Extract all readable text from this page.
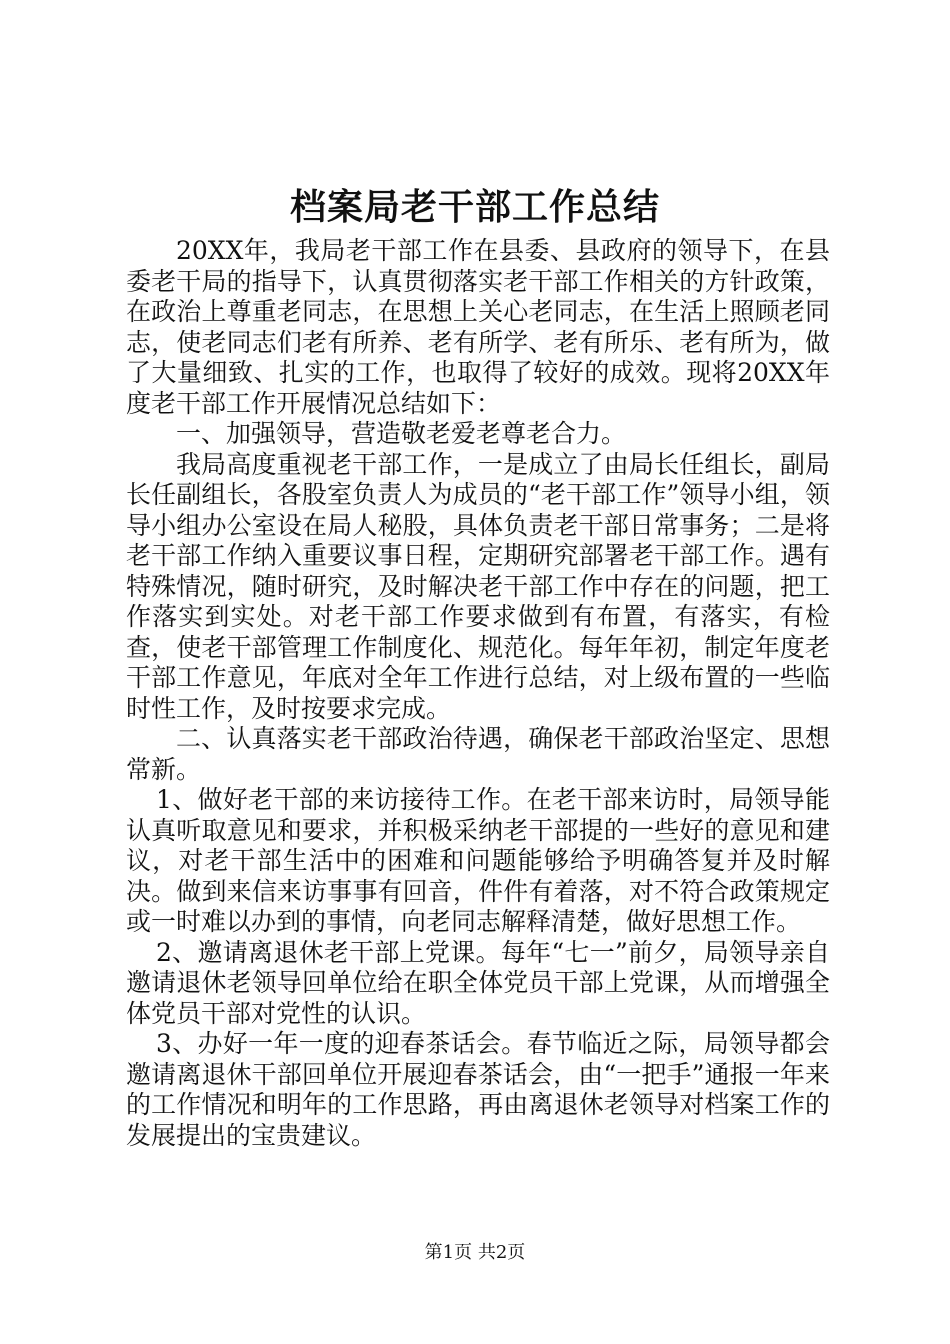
档案局老干部工作总结

20XX年，我局老干部工作在县委、县政府的领导下，在县委老干局的指导下，认真贯彻落实老干部工作相关的方针政策，在政治上尊重老同志，在思想上关心老同志，在生活上照顾老同志，使老同志们老有所养、老有所学、老有所乐、老有所为，做了大量细致、扎实的工作，也取得了较好的成效。现将20XX年度老干部工作开展情况总结如下：

一、加强领导，营造敬老爱老尊老合力。

我局高度重视老干部工作，一是成立了由局长任组长，副局长任副组长，各股室负责人为成员的“老干部工作”领导小组，领导小组办公室设在局人秘股，具体负责老干部日常事务；二是将老干部工作纳入重要议事日程，定期研究部署老干部工作。遇有特殊情况，随时研究，及时解决老干部工作中存在的问题，把工作落实到实处。对老干部工作要求做到有布置，有落实，有检查，使老干部管理工作制度化、规范化。每年年初，制定年度老干部工作意见，年底对全年工作进行总结，对上级布置的一些临时性工作，及时按要求完成。

二、认真落实老干部政治待遇，确保老干部政治坚定、思想常新。

1、做好老干部的来访接待工作。在老干部来访时，局领导能认真听取意见和要求，并积极采纳老干部提的一些好的意见和建议，对老干部生活中的困难和问题能够给予明确答复并及时解决。做到来信来访事事有回音，件件有着落，对不符合政策规定或一时难以办到的事情，向老同志解释清楚，做好思想工作。

2、邀请离退休老干部上党课。每年“七一”前夕，局领导亲自邀请退休老领导回单位给在职全体党员干部上党课，从而增强全体党员干部对党性的认识。

3、办好一年一度的迎春茶话会。春节临近之际，局领导都会邀请离退休干部回单位开展迎春茶话会，由“一把手”通报一年来的工作情况和明年的工作思路，再由离退休老领导对档案工作的发展提出的宝贵建议。

第1页 共2页
